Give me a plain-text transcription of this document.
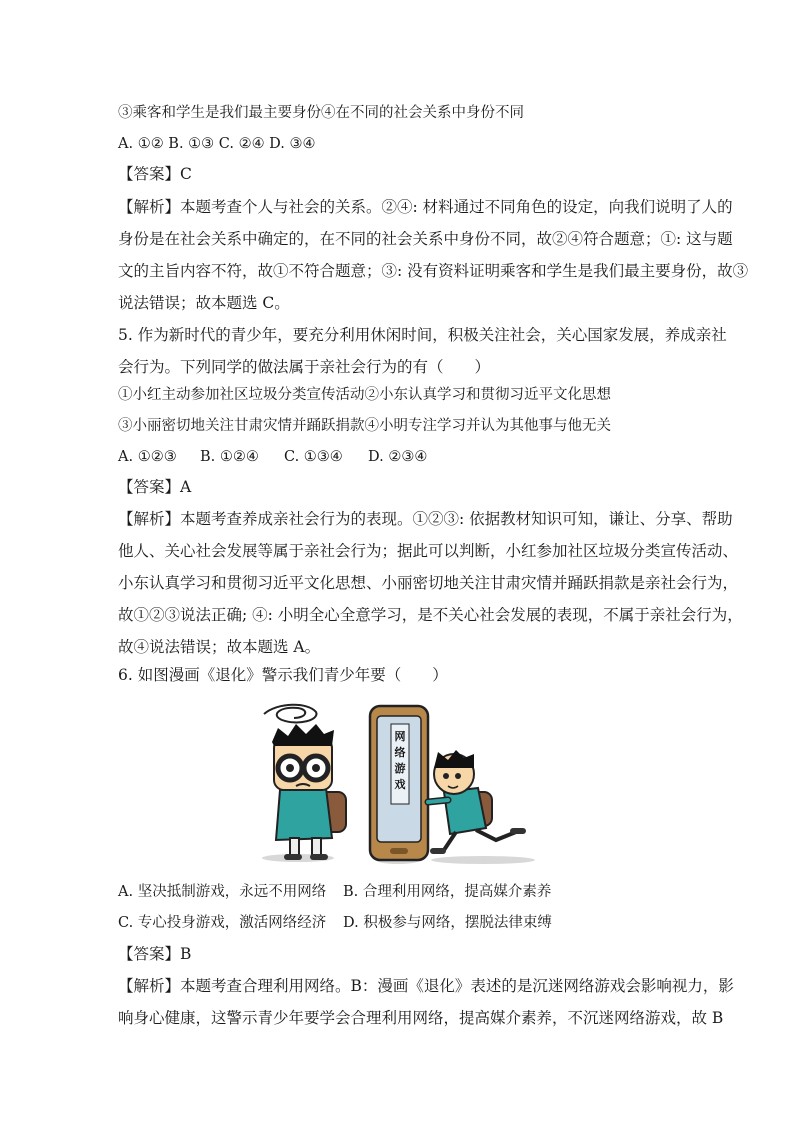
③乘客和学生是我们最主要身份④在不同的社会关系中身份不同
A. ①② B. ①③ C. ②④ D. ③④
【答案】C
【解析】本题考查个人与社会的关系。②④: 材料通过不同角色的设定，向我们说明了人的
身份是在社会关系中确定的，在不同的社会关系中身份不同，故②④符合题意；①: 这与题
文的主旨内容不符，故①不符合题意；③: 没有资料证明乘客和学生是我们最主要身份，故③
说法错误；故本题选 C。
5. 作为新时代的青少年，要充分利用休闲时间，积极关注社会，关心国家发展，养成亲社
会行为。下列同学的做法属于亲社会行为的有（　　）
①小红主动参加社区垃圾分类宣传活动②小东认真学习和贯彻习近平文化思想
③小丽密切地关注甘肃灾情并踊跃捐款④小明专注学习并认为其他事与他无关
A. ①②③ B. ①②④ C. ①③④ D. ②③④
【答案】A
【解析】本题考查养成亲社会行为的表现。①②③: 依据教材知识可知，谦让、分享、帮助
他人、关心社会发展等属于亲社会行为；据此可以判断，小红参加社区垃圾分类宣传活动、
小东认真学习和贯彻习近平文化思想、小丽密切地关注甘肃灾情并踊跃捐款是亲社会行为，
故①②③说法正确; ④: 小明全心全意学习，是不关心社会发展的表现，不属于亲社会行为，
故④说法错误；故本题选 A。
6. 如图漫画《退化》警示我们青少年要（　　）
网
络
游
戏
A. 坚决抵制游戏，永远不用网络 B. 合理利用网络，提高媒介素养
C. 专心投身游戏，激活网络经济 D. 积极参与网络，摆脱法律束缚
【答案】B
【解析】本题考查合理利用网络。B：漫画《退化》表述的是沉迷网络游戏会影响视力，影
响身心健康，这警示青少年要学会合理利用网络，提高媒介素养，不沉迷网络游戏，故 B
